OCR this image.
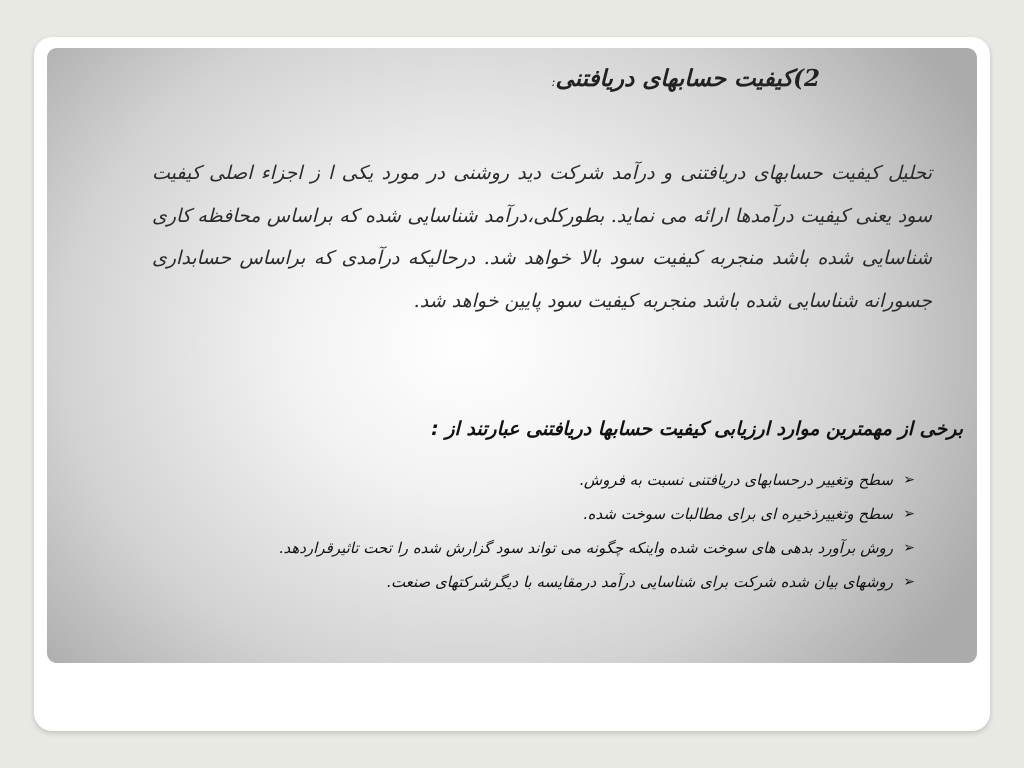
2)کیفیت حسابهای دریافتنی:
تحلیل کیفیت حسابهای دریافتنی و درآمد شرکت دید روشنی در مورد یکی ا ز اجزاء اصلی کیفیت سود یعنی کیفیت درآمدها ارائه می نماید. بطورکلی،درآمد شناسایی شده که براساس محافظه کاری شناسایی شده باشد منجربه کیفیت سود بالا خواهد شد. درحالیکه درآمدی که براساس حسابداری جسورانه شناسایی شده باشد منجربه کیفیت سود پایین خواهد شد.
برخی از مهمترین موارد ارزیابی کیفیت حسابها دریافتنی عبارتند از :
➢
سطح وتغییر درحسابهای دریافتنی نسبت به فروش.
➢
سطح وتغییرذخیره ای برای مطالبات سوخت شده.
➢
روش برآورد بدهی های سوخت شده واینکه چگونه می تواند سود گزارش شده را تحت تاثیرقراردهد.
➢
روشهای بیان شده شرکت برای شناسایی درآمد درمقایسه با دیگرشرکتهای صنعت.
